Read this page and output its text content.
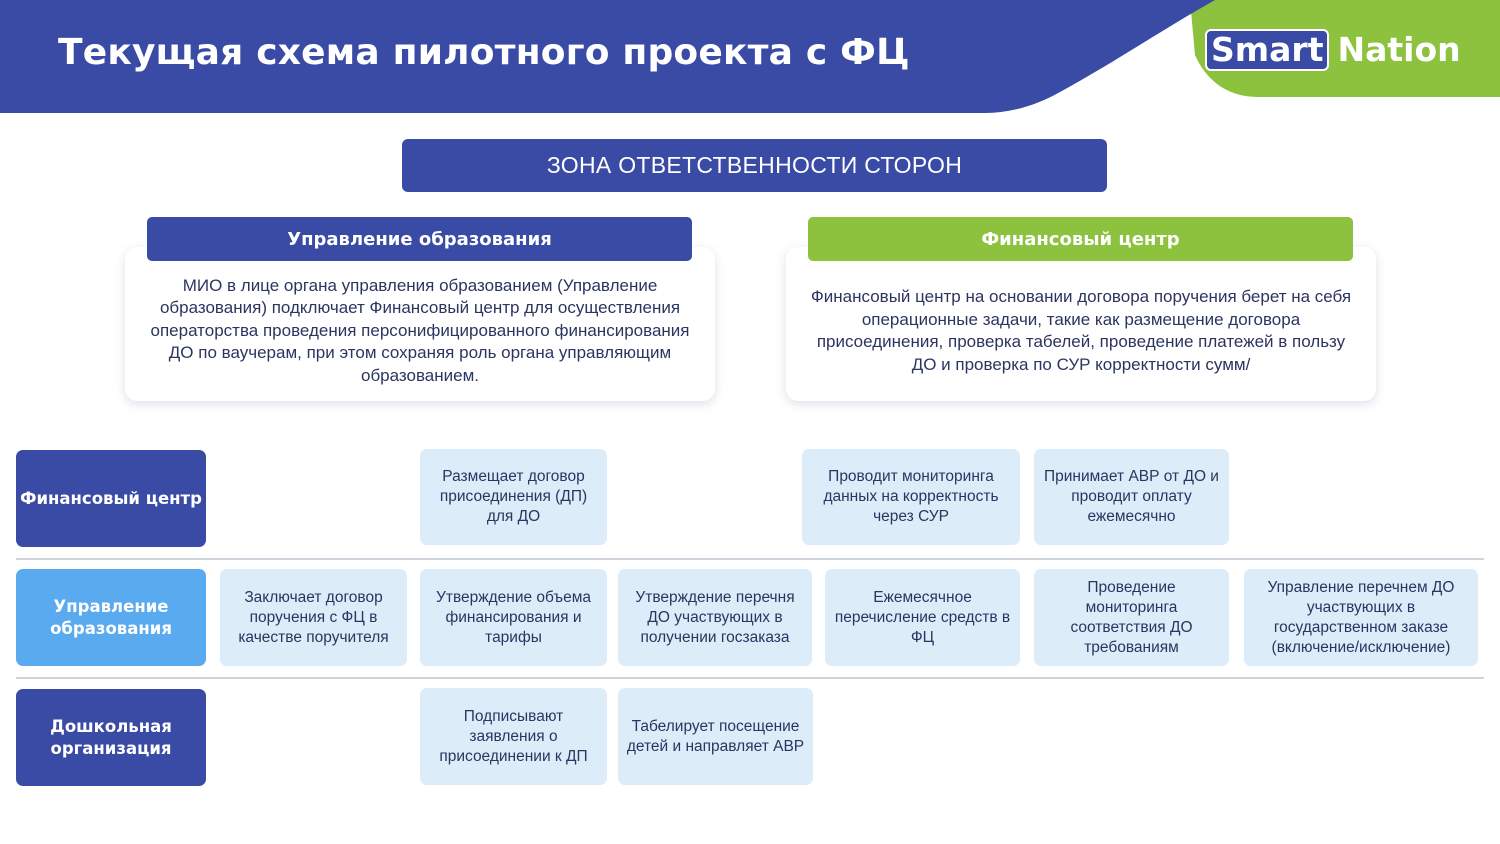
Текущая схема пилотного проекта с ФЦ	Smart Nation
ЗОНА ОТВЕТСТВЕННОСТИ СТОРОН
МИО в лице органа управления образованием (Управление образования) подключает Финансовый центр для осуществления операторства проведения персонифицированного финансирования ДО по ваучерам, при этом сохраняя роль органа управляющим образованием.
Управление образования
Финансовый центр на основании договора поручения берет на себя операционные задачи, такие как размещение договора присоединения, проверка табелей, проведение платежей в пользу ДО и проверка по СУР корректности сумм/
Финансовый центр
Финансовый центр
Размещает договор присоединения (ДП) для ДО
Проводит мониторинга данных на корректность через СУР
Принимает АВР от ДО и проводит оплату ежемесячно
Управление образования
Заключает договор поручения с ФЦ в качестве поручителя
Утверждение объема финансирования и тарифы
Утверждение перечня ДО участвующих в получении госзаказа
Ежемесячное перечисление средств в ФЦ
Проведение мониторинга соответствия ДО требованиям
Управление перечнем ДО участвующих в государственном заказе (включение/исключение)
Дошкольная организация
Подписывают заявления о присоединении к ДП
Табелирует посещение детей и направляет АВР
